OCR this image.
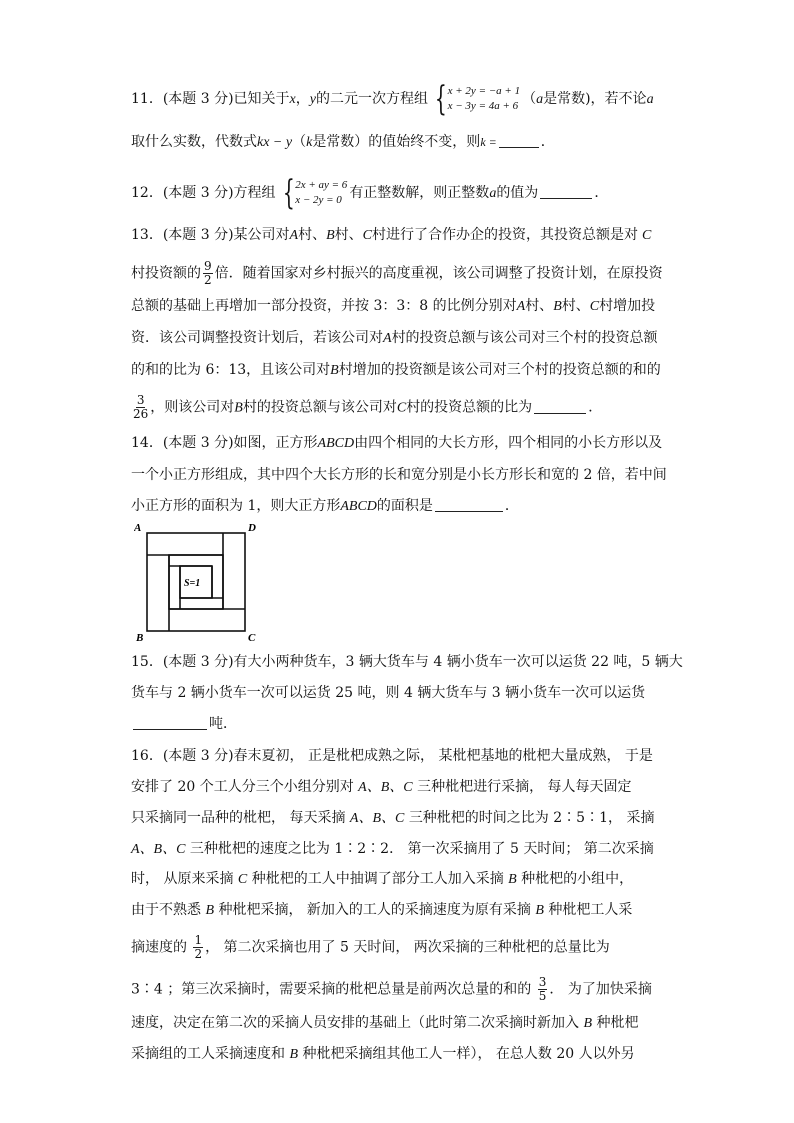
11．(本题 3 分)已知关于x，y的二元一次方程组 { x + 2y = −a + 1
x − 3y = 4a + 6 （a是常数)，若不论a
取什么实数，代数式kx − y（k是常数）的值始终不变，则k =	．
12．(本题 3 分)方程组 { 2x + ay = 6
x − 2y = 0 有正整数解，则正整数a的值为	．
13．(本题 3 分)某公司对A村、B村、C村进行了合作办企的投资，其投资总额是对 C
村投资额的 $\frac{9}{2}$ 倍．随着国家对乡村振兴的高度重视，该公司调整了投资计划，在原投资
总额的基础上再增加一部分投资，并按 3：3：8 的比例分别对A村、B村、C村增加投
资．该公司调整投资计划后，若该公司对A村的投资总额与该公司对三个村的投资总额
的和的比为 6：13，且该公司对B村增加的投资额是该公司对三个村的投资总额的和的
$\frac{3}{26}$ ，则该公司对B村的投资总额与该公司对C村的投资总额的比为	．
14．(本题 3 分)如图，正方形ABCD由四个相同的大长方形，四个相同的小长方形以及
一个小正方形组成，其中四个大长方形的长和宽分别是小长方形长和宽的 2 倍，若中间
小正方形的面积为 1，则大正方形ABCD的面积是	．
A	D
B	C
S=1
15．(本题 3 分)有大小两种货车，3 辆大货车与 4 辆小货车一次可以运货 22 吨，5 辆大
货车与 2 辆小货车一次可以运货 25 吨，则 4 辆大货车与 3 辆小货车一次可以运货
吨．
16．(本题 3 分)春末夏初， 正是枇杷成熟之际， 某枇杷基地的枇杷大量成熟， 于是
安排了 20 个工人分三个小组分别对 A、B、C 三种枇杷进行采摘， 每人每天固定
只采摘同一品种的枇杷， 每天采摘 A、B、C 三种枇杷的时间之比为 2∶5∶1， 采摘
A、B、C 三种枇杷的速度之比为 1∶2∶2． 第一次采摘用了 5 天时间； 第二次采摘
时， 从原来采摘 C 种枇杷的工人中抽调了部分工人加入采摘 B 种枇杷的小组中，
由于不熟悉 B 种枇杷采摘， 新加入的工人的采摘速度为原有采摘 B 种枇杷工人采
摘速度的 $\frac{1}{2}$ ， 第二次采摘也用了 5 天时间， 两次采摘的三种枇杷的总量比为
3∶4 ；第三次采摘时，需要采摘的枇杷总量是前两次总量的和的 $\frac{3}{5}$ ． 为了加快采摘
速度，决定在第二次的采摘人员安排的基础上（此时第二次采摘时新加入 B 种枇杷
采摘组的工人采摘速度和 B 种枇杷采摘组其他工人一样）， 在总人数 20 人以外另
